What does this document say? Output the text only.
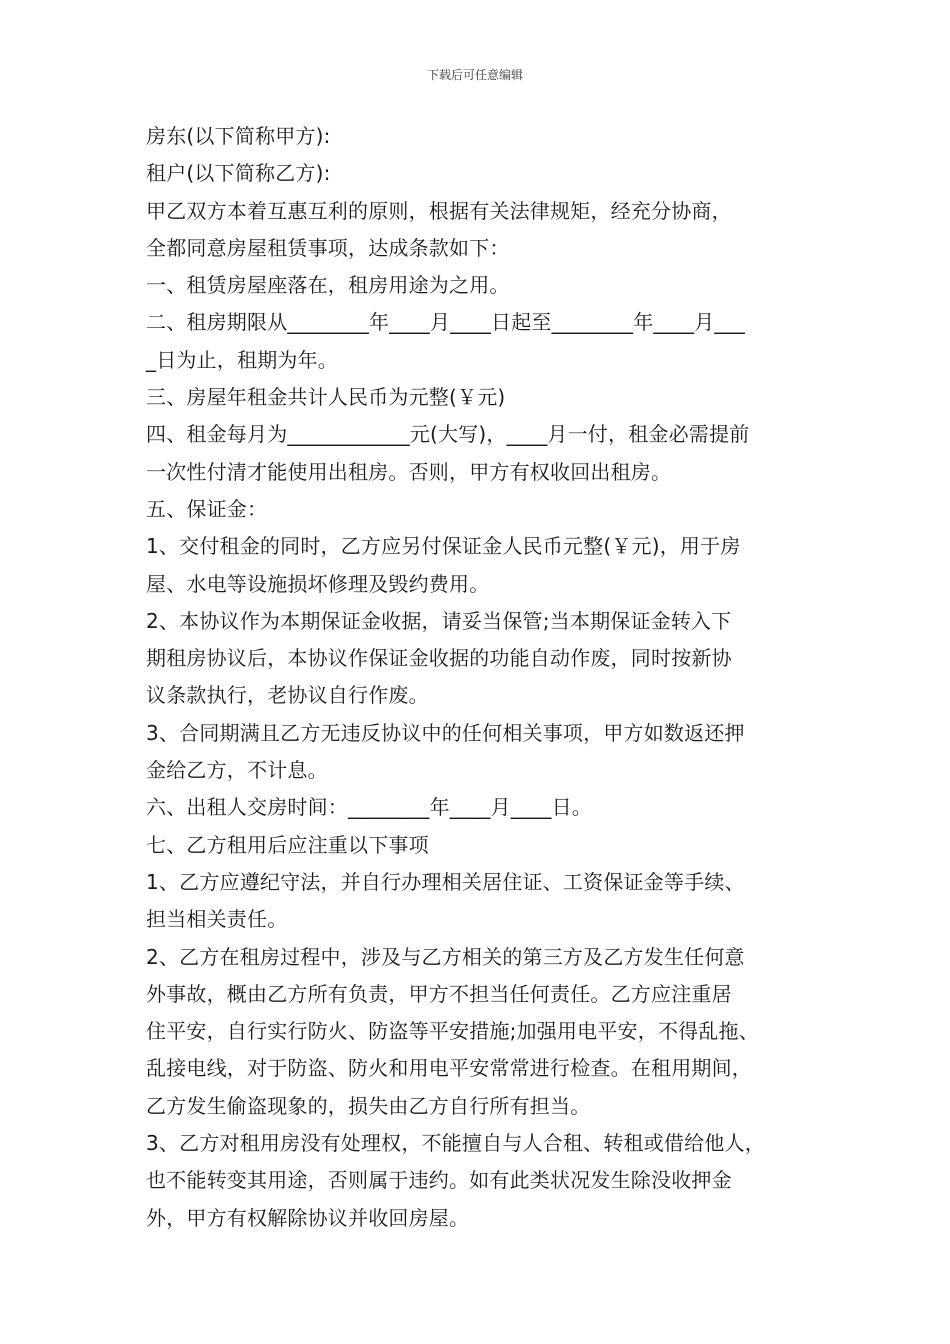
下载后可任意编辑
房东(以下简称甲方):
租户(以下简称乙方):
甲乙双方本着互惠互利的原则，根据有关法律规矩，经充分协商，
全都同意房屋租赁事项，达成条款如下：
一、租赁房屋座落在，租房用途为之用。
二、租房期限从________年____月____日起至________年____月___
_日为止，租期为年。
三、房屋年租金共计人民币为元整(￥元)
四、租金每月为____________元(大写)，____月一付，租金必需提前
一次性付清才能使用出租房。否则，甲方有权收回出租房。
五、保证金：
1、交付租金的同时，乙方应另付保证金人民币元整(￥元)，用于房
屋、水电等设施损坏修理及毁约费用。
2、本协议作为本期保证金收据，请妥当保管;当本期保证金转入下
期租房协议后，本协议作保证金收据的功能自动作废，同时按新协
议条款执行，老协议自行作废。
3、合同期满且乙方无违反协议中的任何相关事项，甲方如数返还押
金给乙方，不计息。
六、出租人交房时间：________年____月____日。
七、乙方租用后应注重以下事项
1、乙方应遵纪守法，并自行办理相关居住证、工资保证金等手续、
担当相关责任。
2、乙方在租房过程中，涉及与乙方相关的第三方及乙方发生任何意
外事故，概由乙方所有负责，甲方不担当任何责任。乙方应注重居
住平安，自行实行防火、防盗等平安措施;加强用电平安，不得乱拖、
乱接电线，对于防盗、防火和用电平安常常进行检查。在租用期间，
乙方发生偷盗现象的，损失由乙方自行所有担当。
3、乙方对租用房没有处理权，不能擅自与人合租、转租或借给他人，
也不能转变其用途，否则属于违约。如有此类状况发生除没收押金
外，甲方有权解除协议并收回房屋。
